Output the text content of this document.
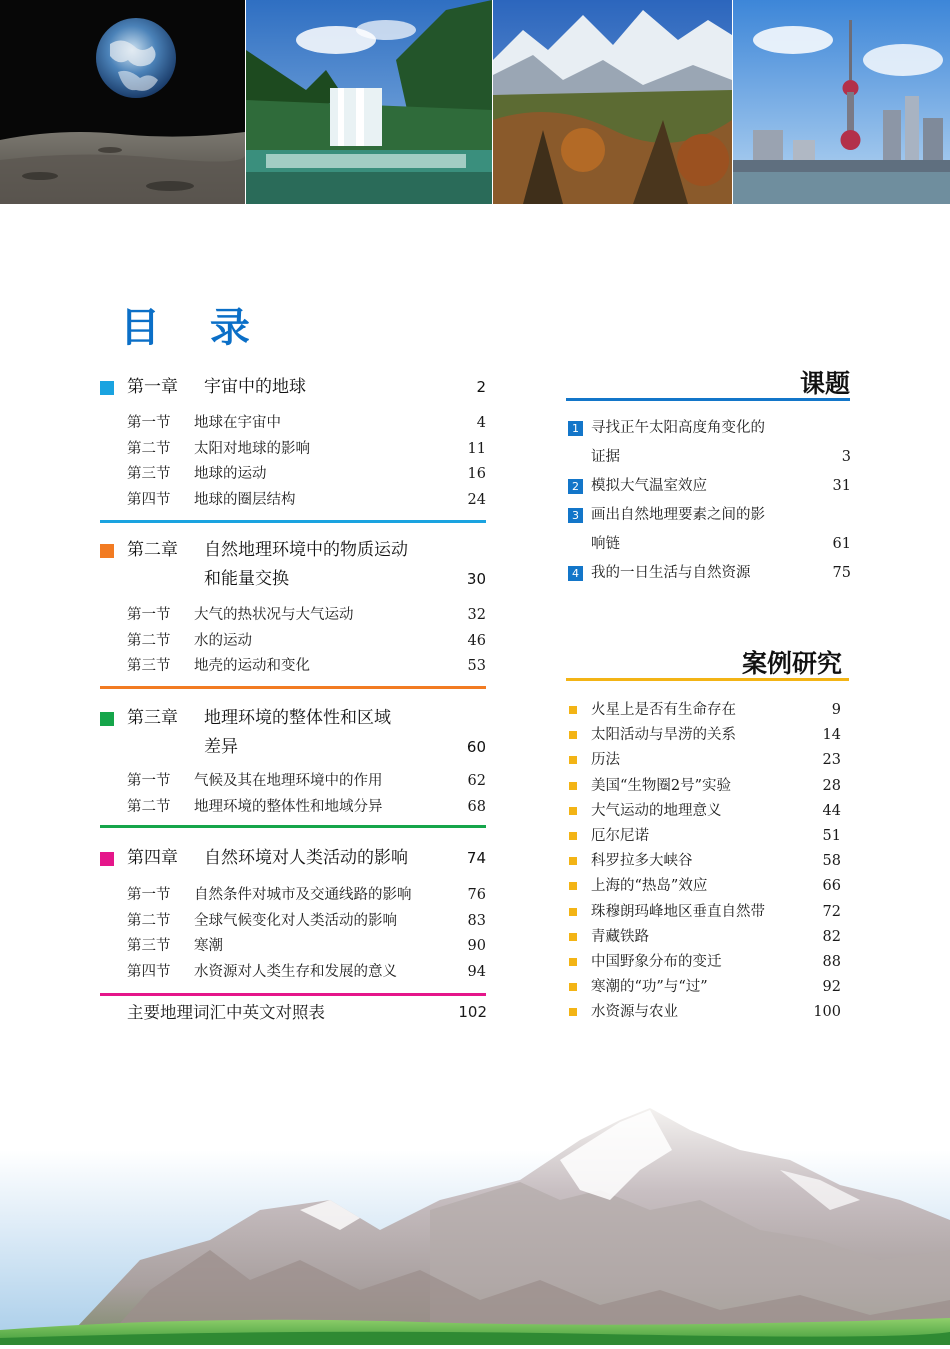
目 录
第一章 宇宙中的地球	2
第一节 地球在宇宙中	4
第二节 太阳对地球的影响	11
第三节 地球的运动	16
第四节 地球的圈层结构	24
第二章 自然地理环境中的物质运动
和能量交换	30
第一节 大气的热状况与大气运动	32
第二节 水的运动	46
第三节 地壳的运动和变化	53
第三章 地理环境的整体性和区域
差异	60
第一节 气候及其在地理环境中的作用	62
第二节 地理环境的整体性和地域分异	68
第四章 自然环境对人类活动的影响	74
第一节 自然条件对城市及交通线路的影响	76
第二节 全球气候变化对人类活动的影响	83
第三节 寒潮	90
第四节 水资源对人类生存和发展的意义	94
主要地理词汇中英文对照表	102
课题
1 寻找正午太阳高度角变化的
证据	3
2 模拟大气温室效应	31
3 画出自然地理要素之间的影
响链	61
4 我的一日生活与自然资源	75
案例研究
火星上是否有生命存在	9
太阳活动与旱涝的关系	14
历法	23
美国“生物圈2号”实验	28
大气运动的地理意义	44
厄尔尼诺	51
科罗拉多大峡谷	58
上海的“热岛”效应	66
珠穆朗玛峰地区垂直自然带	72
青藏铁路	82
中国野象分布的变迁	88
寒潮的“功”与“过”	92
水资源与农业	100
